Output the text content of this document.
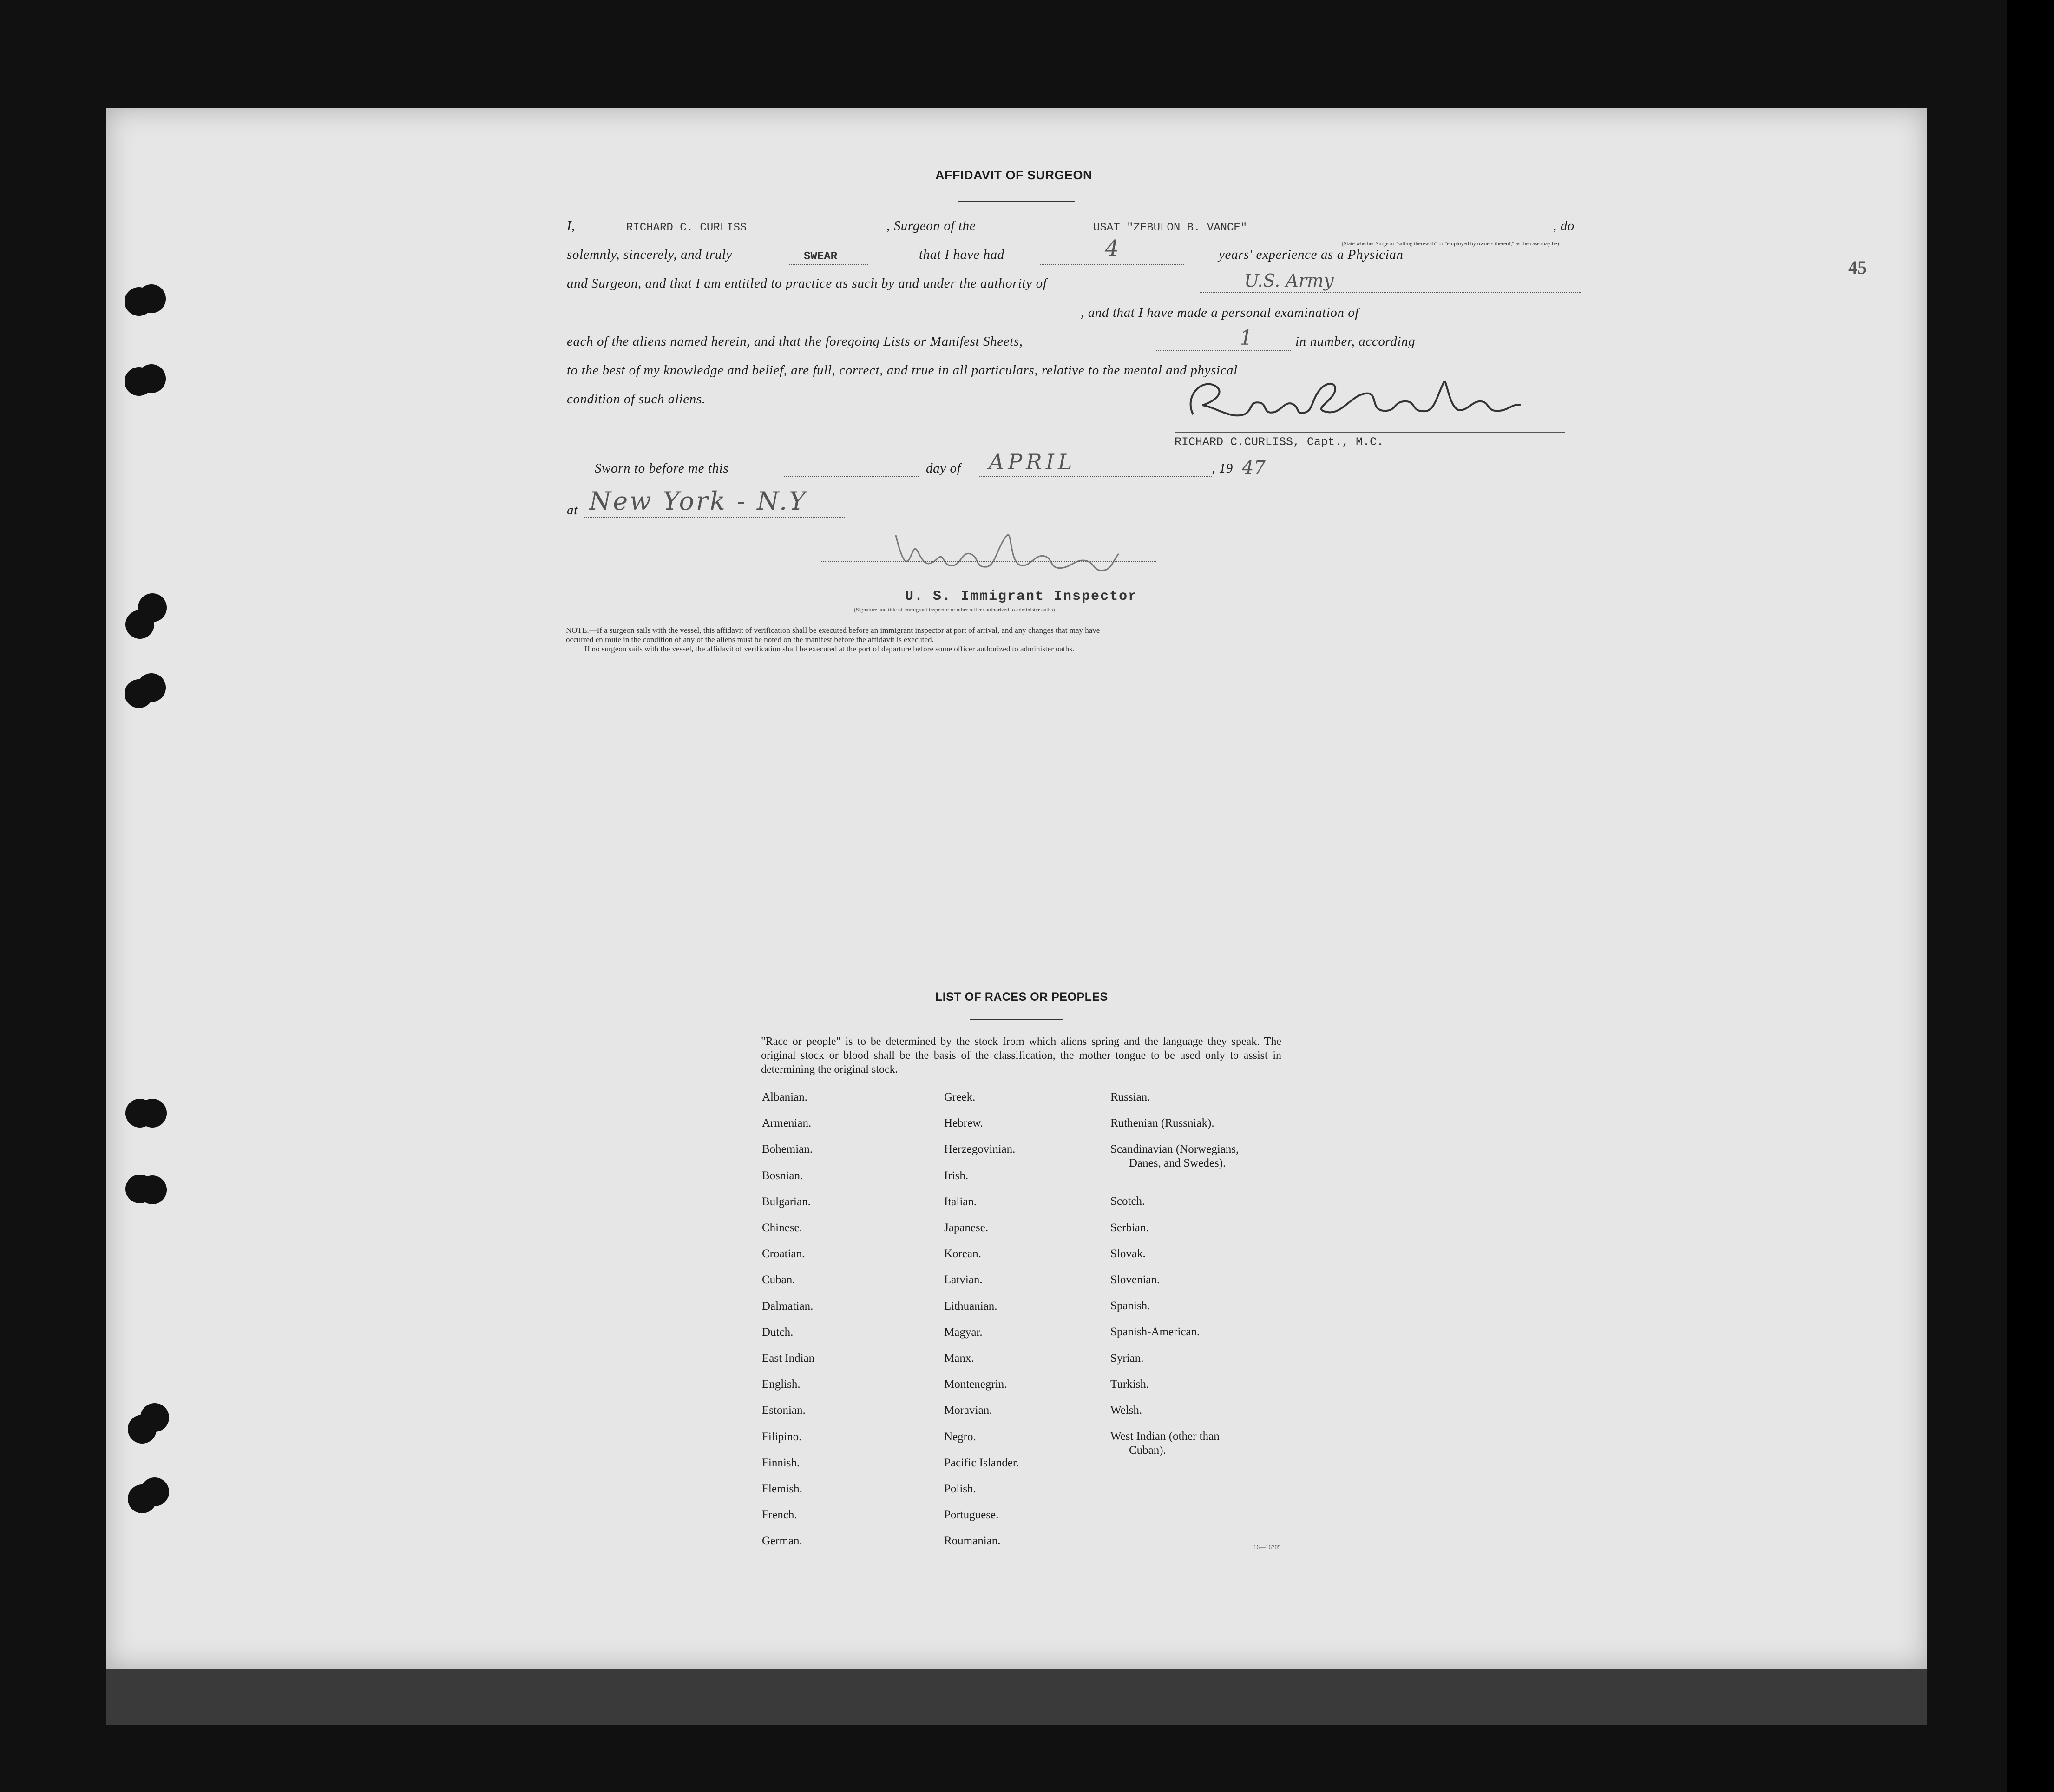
45
AFFIDAVIT OF SURGEON
I,	RICHARD C. CURLISS	, Surgeon of the	USAT "ZEBULON B. VANCE"
(State whether Surgeon "sailing therewith" or "employed by owners thereof," as the case may be)
, do
solemnly, sincerely, and truly	SWEAR	that I have had	4	years' experience as a Physician
and Surgeon, and that I am entitled to practice as such by and under the authority of	U.S. Army
, and that I have made a personal examination of
each of the aliens named herein, and that the foregoing Lists or Manifest Sheets,	1	in number, according
to the best of my knowledge and belief, are full, correct, and true in all particulars, relative to the mental and physical
condition of such aliens.
RICHARD C.CURLISS, Capt., M.C.
Sworn to before me this	day of APRIL	, 19 47
at New York - N.Y
U. S. Immigrant Inspector
(Signature and title of immigrant inspector or other officer authorized to administer oaths)
NOTE.—If a surgeon sails with the vessel, this affidavit of verification shall be executed before an immigrant inspector at port of arrival, and any changes that may have
occurred en route in the condition of any of the aliens must be noted on the manifest before the affidavit is executed.
If no surgeon sails with the vessel, the affidavit of verification shall be executed at the port of departure before some officer authorized to administer oaths.
LIST OF RACES OR PEOPLES
"Race or people" is to be determined by the stock from which aliens spring and the language they speak. The original stock or blood shall be the basis of the classification, the mother tongue to be used only to assist in determining the original stock.
Albanian.
Armenian.
Bohemian.
Bosnian.
Bulgarian.
Chinese.
Croatian.
Cuban.
Dalmatian.
Dutch.
East Indian
English.
Estonian.
Filipino.
Finnish.
Flemish.
French.
German.
Greek.
Hebrew.
Herzegovinian.
Irish.
Italian.
Japanese.
Korean.
Latvian.
Lithuanian.
Magyar.
Manx.
Montenegrin.
Moravian.
Negro.
Pacific Islander.
Polish.
Portuguese.
Roumanian.
Russian.
Ruthenian (Russniak).
Scandinavian (Norwegians,
Danes, and Swedes).
Scotch.
Serbian.
Slovak.
Slovenian.
Spanish.
Spanish-American.
Syrian.
Turkish.
Welsh.
West Indian (other than
Cuban).
16—16705
